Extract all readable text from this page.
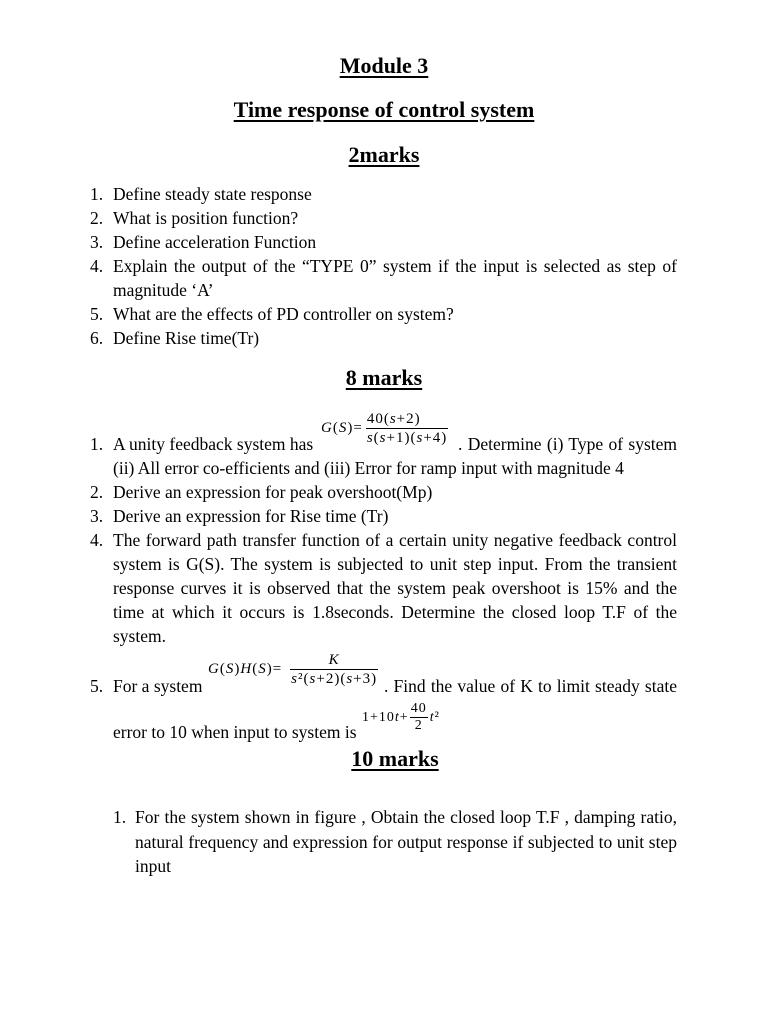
Module 3
Time response of control system
2marks
1. Define steady state response
2. What is position function?
3. Define acceleration Function
4. Explain the output of the “TYPE 0” system if the input is selected as step of
magnitude ‘A’
5. What are the effects of PD controller on system?
6. Define Rise time(Tr)
8 marks
$G(S)= \frac{40(s+2)}{s(s+1)(s+4)}$
1. A unity feedback system has	. Determine (i) Type of system
(ii) All error co-efficients and (iii) Error for ramp input with magnitude 4
2. Derive an expression for peak overshoot(Mp)
3. Derive an expression for Rise time (Tr)
4. The forward path transfer function of a certain unity negative feedback control
system is G(S). The system is subjected to unit step input. From the transient
response curves it is observed that the system peak overshoot is 15% and the
time at which it occurs is 1.8seconds. Determine the closed loop T.F of the
system.
$G(S)H(S)= \frac{K}{\text{s²(s+2)(s+3)}}$
5. For a system	. Find the value of K to limit steady state
$1+10t+ \frac{40}{2} t^2$
error to 10 when input to system is
10 marks
1. For the system shown in figure , Obtain the closed loop T.F , damping ratio,
natural frequency and expression for output response if subjected to unit step
input
